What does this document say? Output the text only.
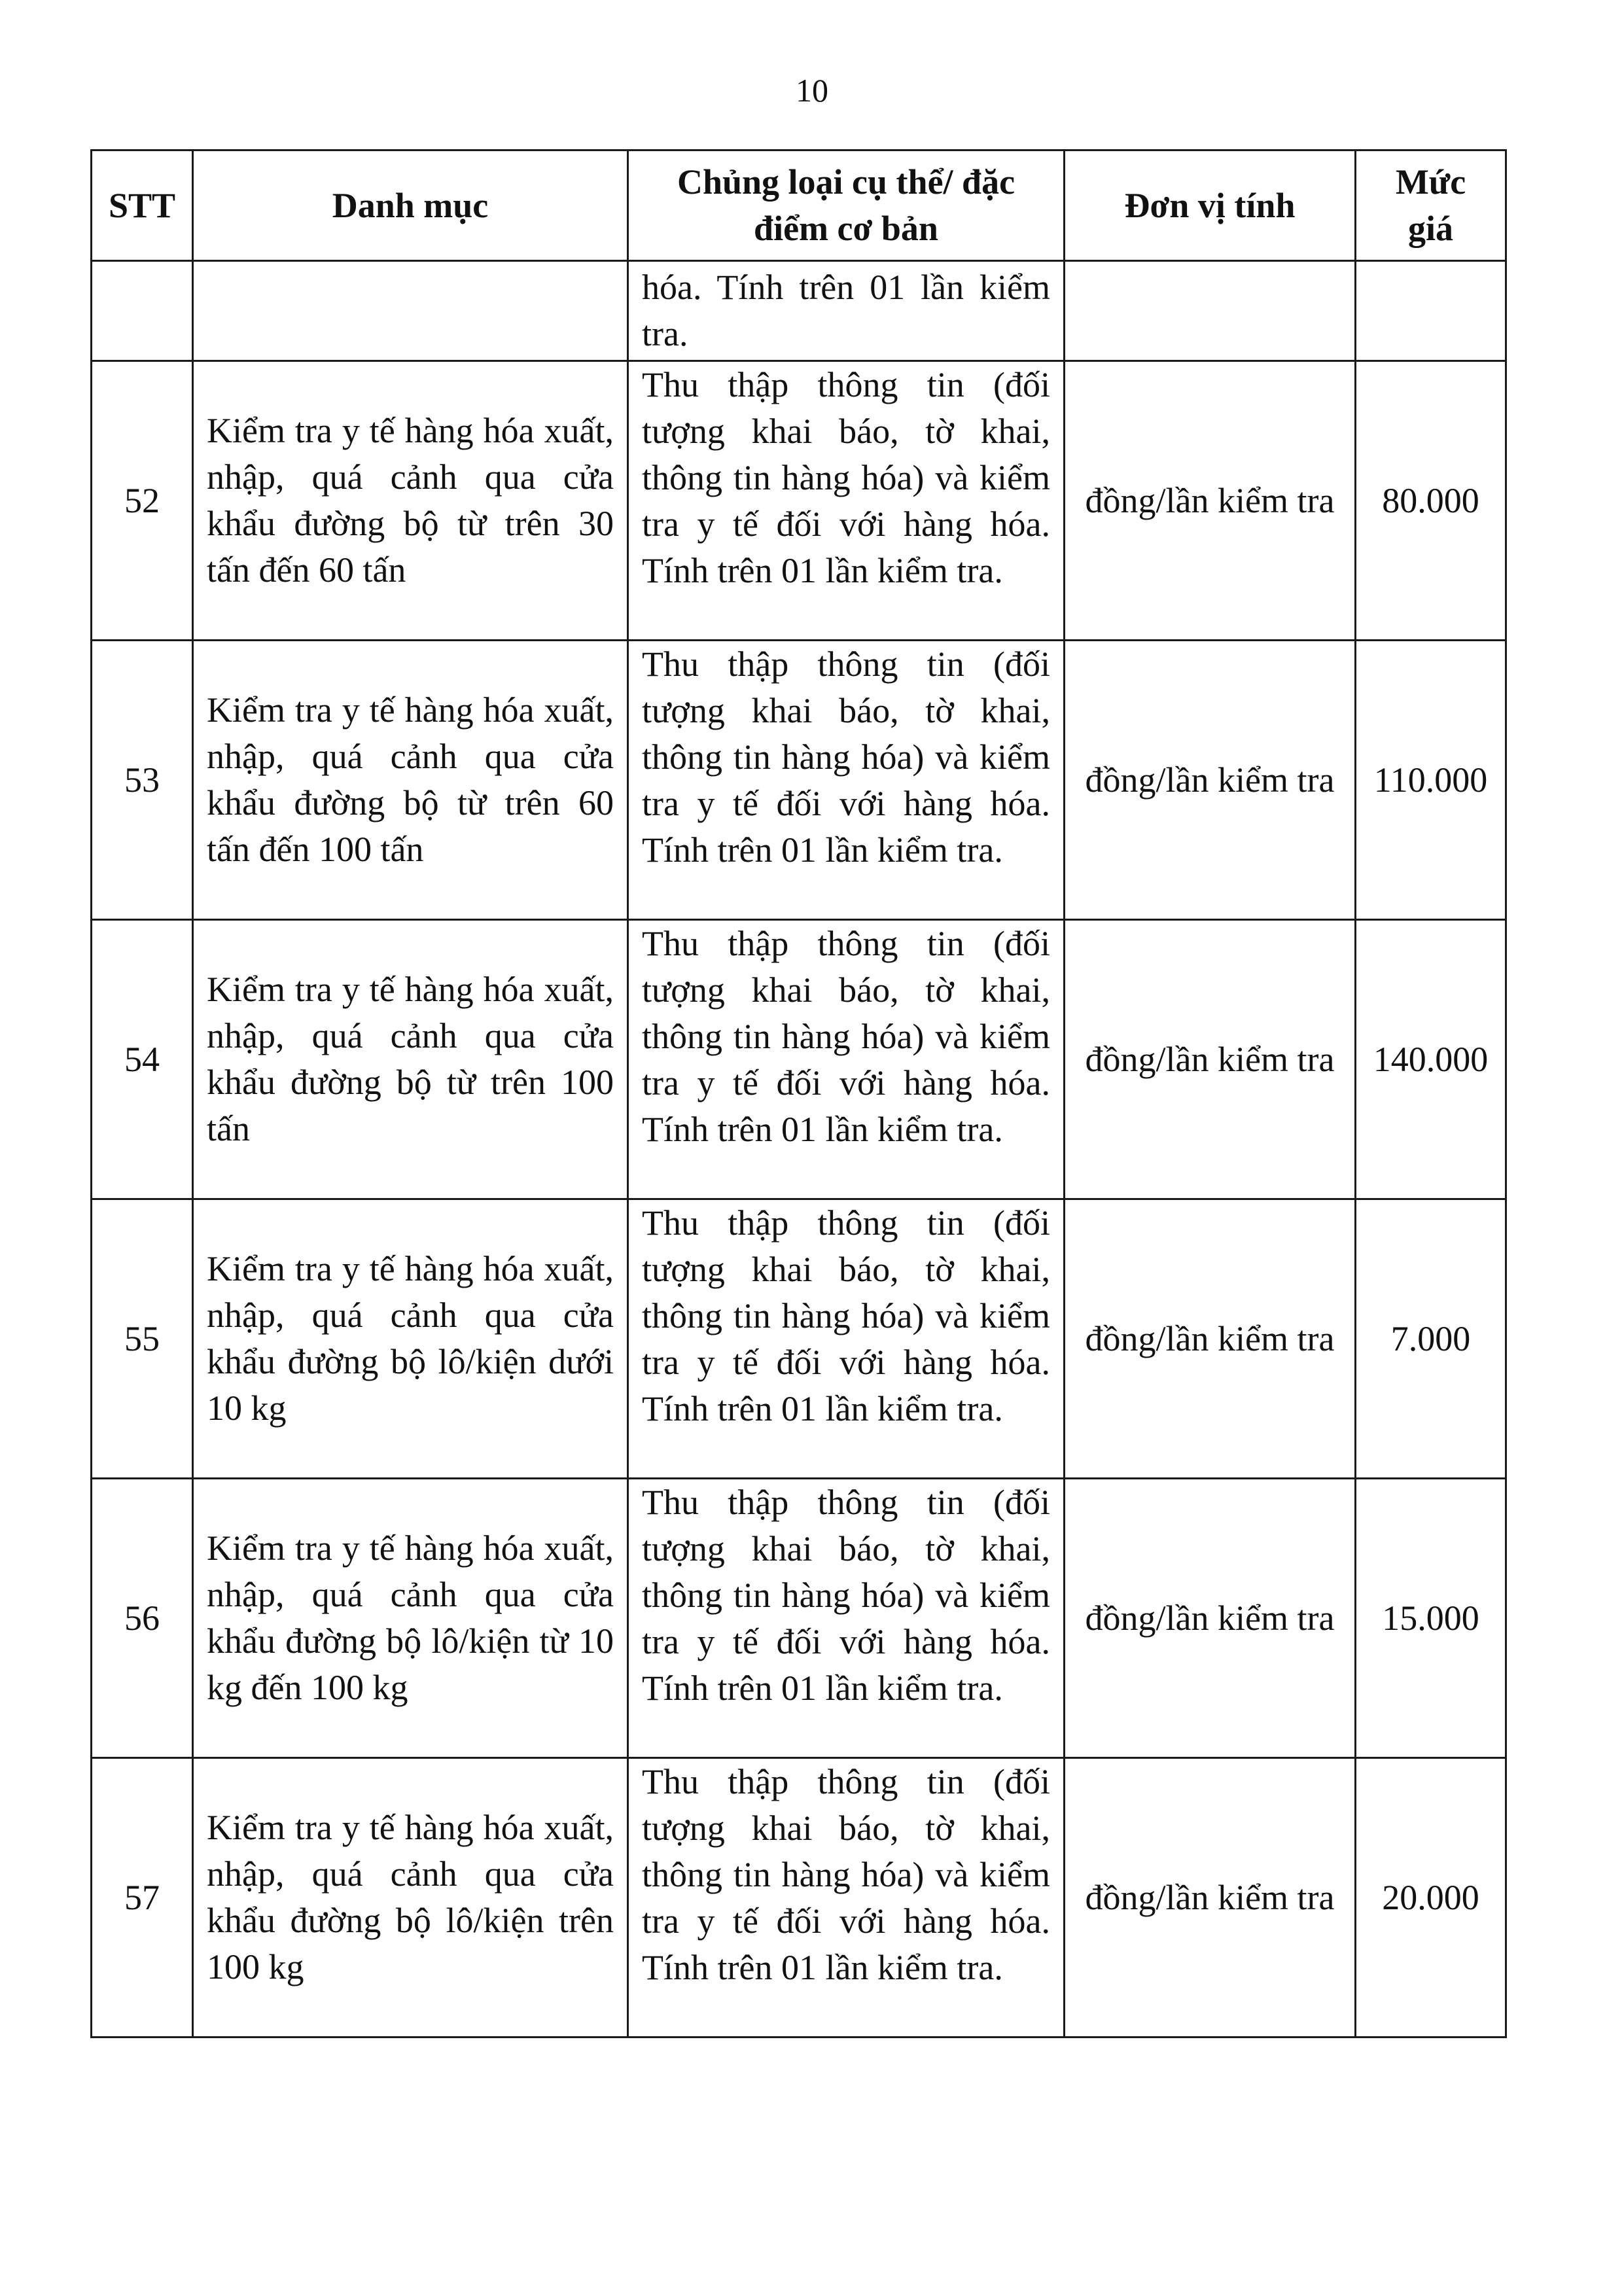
10
STT	Danh mục	Chủng loại cụ thể/ đặc điểm cơ bản	Đơn vị tính	Mức giá
		hóa. Tính trên 01 lần kiểm tra.		
52	Kiểm tra y tế hàng hóa xuất, nhập, quá cảnh qua cửa khẩu đường bộ từ trên 30 tấn đến 60 tấn	Thu thập thông tin (đối tượng khai báo, tờ khai, thông tin hàng hóa) và kiểm tra y tế đối với hàng hóa. Tính trên 01 lần kiểm tra.	đồng/lần kiểm tra	80.000
53	Kiểm tra y tế hàng hóa xuất, nhập, quá cảnh qua cửa khẩu đường bộ từ trên 60 tấn đến 100 tấn	Thu thập thông tin (đối tượng khai báo, tờ khai, thông tin hàng hóa) và kiểm tra y tế đối với hàng hóa. Tính trên 01 lần kiểm tra.	đồng/lần kiểm tra	110.000
54	Kiểm tra y tế hàng hóa xuất, nhập, quá cảnh qua cửa khẩu đường bộ từ trên 100 tấn	Thu thập thông tin (đối tượng khai báo, tờ khai, thông tin hàng hóa) và kiểm tra y tế đối với hàng hóa. Tính trên 01 lần kiểm tra.	đồng/lần kiểm tra	140.000
55	Kiểm tra y tế hàng hóa xuất, nhập, quá cảnh qua cửa khẩu đường bộ lô/kiện dưới 10 kg	Thu thập thông tin (đối tượng khai báo, tờ khai, thông tin hàng hóa) và kiểm tra y tế đối với hàng hóa. Tính trên 01 lần kiểm tra.	đồng/lần kiểm tra	7.000
56	Kiểm tra y tế hàng hóa xuất, nhập, quá cảnh qua cửa khẩu đường bộ lô/kiện từ 10 kg đến 100 kg	Thu thập thông tin (đối tượng khai báo, tờ khai, thông tin hàng hóa) và kiểm tra y tế đối với hàng hóa. Tính trên 01 lần kiểm tra.	đồng/lần kiểm tra	15.000
57	Kiểm tra y tế hàng hóa xuất, nhập, quá cảnh qua cửa khẩu đường bộ lô/kiện trên 100 kg	Thu thập thông tin (đối tượng khai báo, tờ khai, thông tin hàng hóa) và kiểm tra y tế đối với hàng hóa. Tính trên 01 lần kiểm tra.	đồng/lần kiểm tra	20.000
